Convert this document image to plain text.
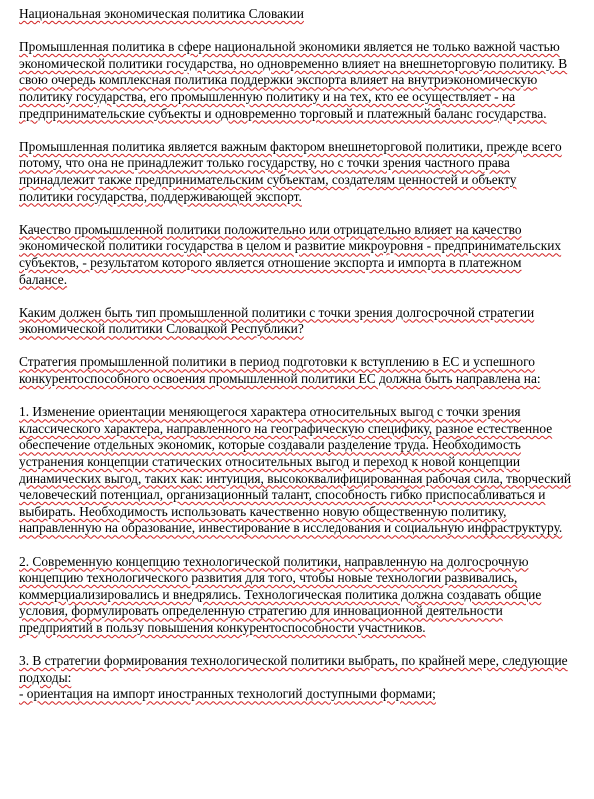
Национальная экономическая политика Словакии

Промышленная политика в сфере национальной экономики является не только важной частью экономической политики государства, но одновременно влияет на внешнеторговую политику. В свою очередь комплексная политика поддержки экспорта влияет на внутриэкономическую политику государства, его промышленную политику и на тех, кто ее осуществляет - на предпринимательские субъекты и одновременно торговый и платежный баланс государства.

Промышленная политика является важным фактором внешнеторговой политики, прежде всего потому, что она не принадлежит только государству, но с точки зрения частного права принадлежит также предпринимательским субъектам, создателям ценностей и объекту политики государства, поддерживающей экспорт.

Качество промышленной политики положительно или отрицательно влияет на качество экономической политики государства в целом и развитие микроуровня - предпринимательских субъектов, - результатом которого является отношение экспорта и импорта в платежном балансе.

Каким должен быть тип промышленной политики с точки зрения долгосрочной стратегии экономической политики Словацкой Республики?

Стратегия промышленной политики в период подготовки к вступлению в ЕС и успешного конкурентоспособного освоения промышленной политики ЕС должна быть направлена на:

1. Изменение ориентации меняющегося характера относительных выгод с точки зрения классического характера, направленного на географическую специфику, разное естественное обеспечение отдельных экономик, которые создавали разделение труда. Необходимость устранения концепции статических относительных выгод и переход к новой концепции динамических выгод, таких как: интуиция, высококвалифицированная рабочая сила, творческий человеческий потенциал, организационный талант, способность гибко приспосабливаться и выбирать. Необходимость использовать качественно новую общественную политику, направленную на образование, инвестирование в исследования и социальную инфраструктуру.

2. Современную концепцию технологической политики, направленную на долгосрочную концепцию технологического развития для того, чтобы новые технологии развивались, коммерциализировались и внедрялись. Технологическая политика должна создавать общие условия, формулировать определенную стратегию для инновационной деятельности предприятий в пользу повышения конкурентоспособности участников.

3. В стратегии формирования технологической политики выбрать, по крайней мере, следующие подходы:
- ориентация на импорт иностранных технологий доступными формами;
